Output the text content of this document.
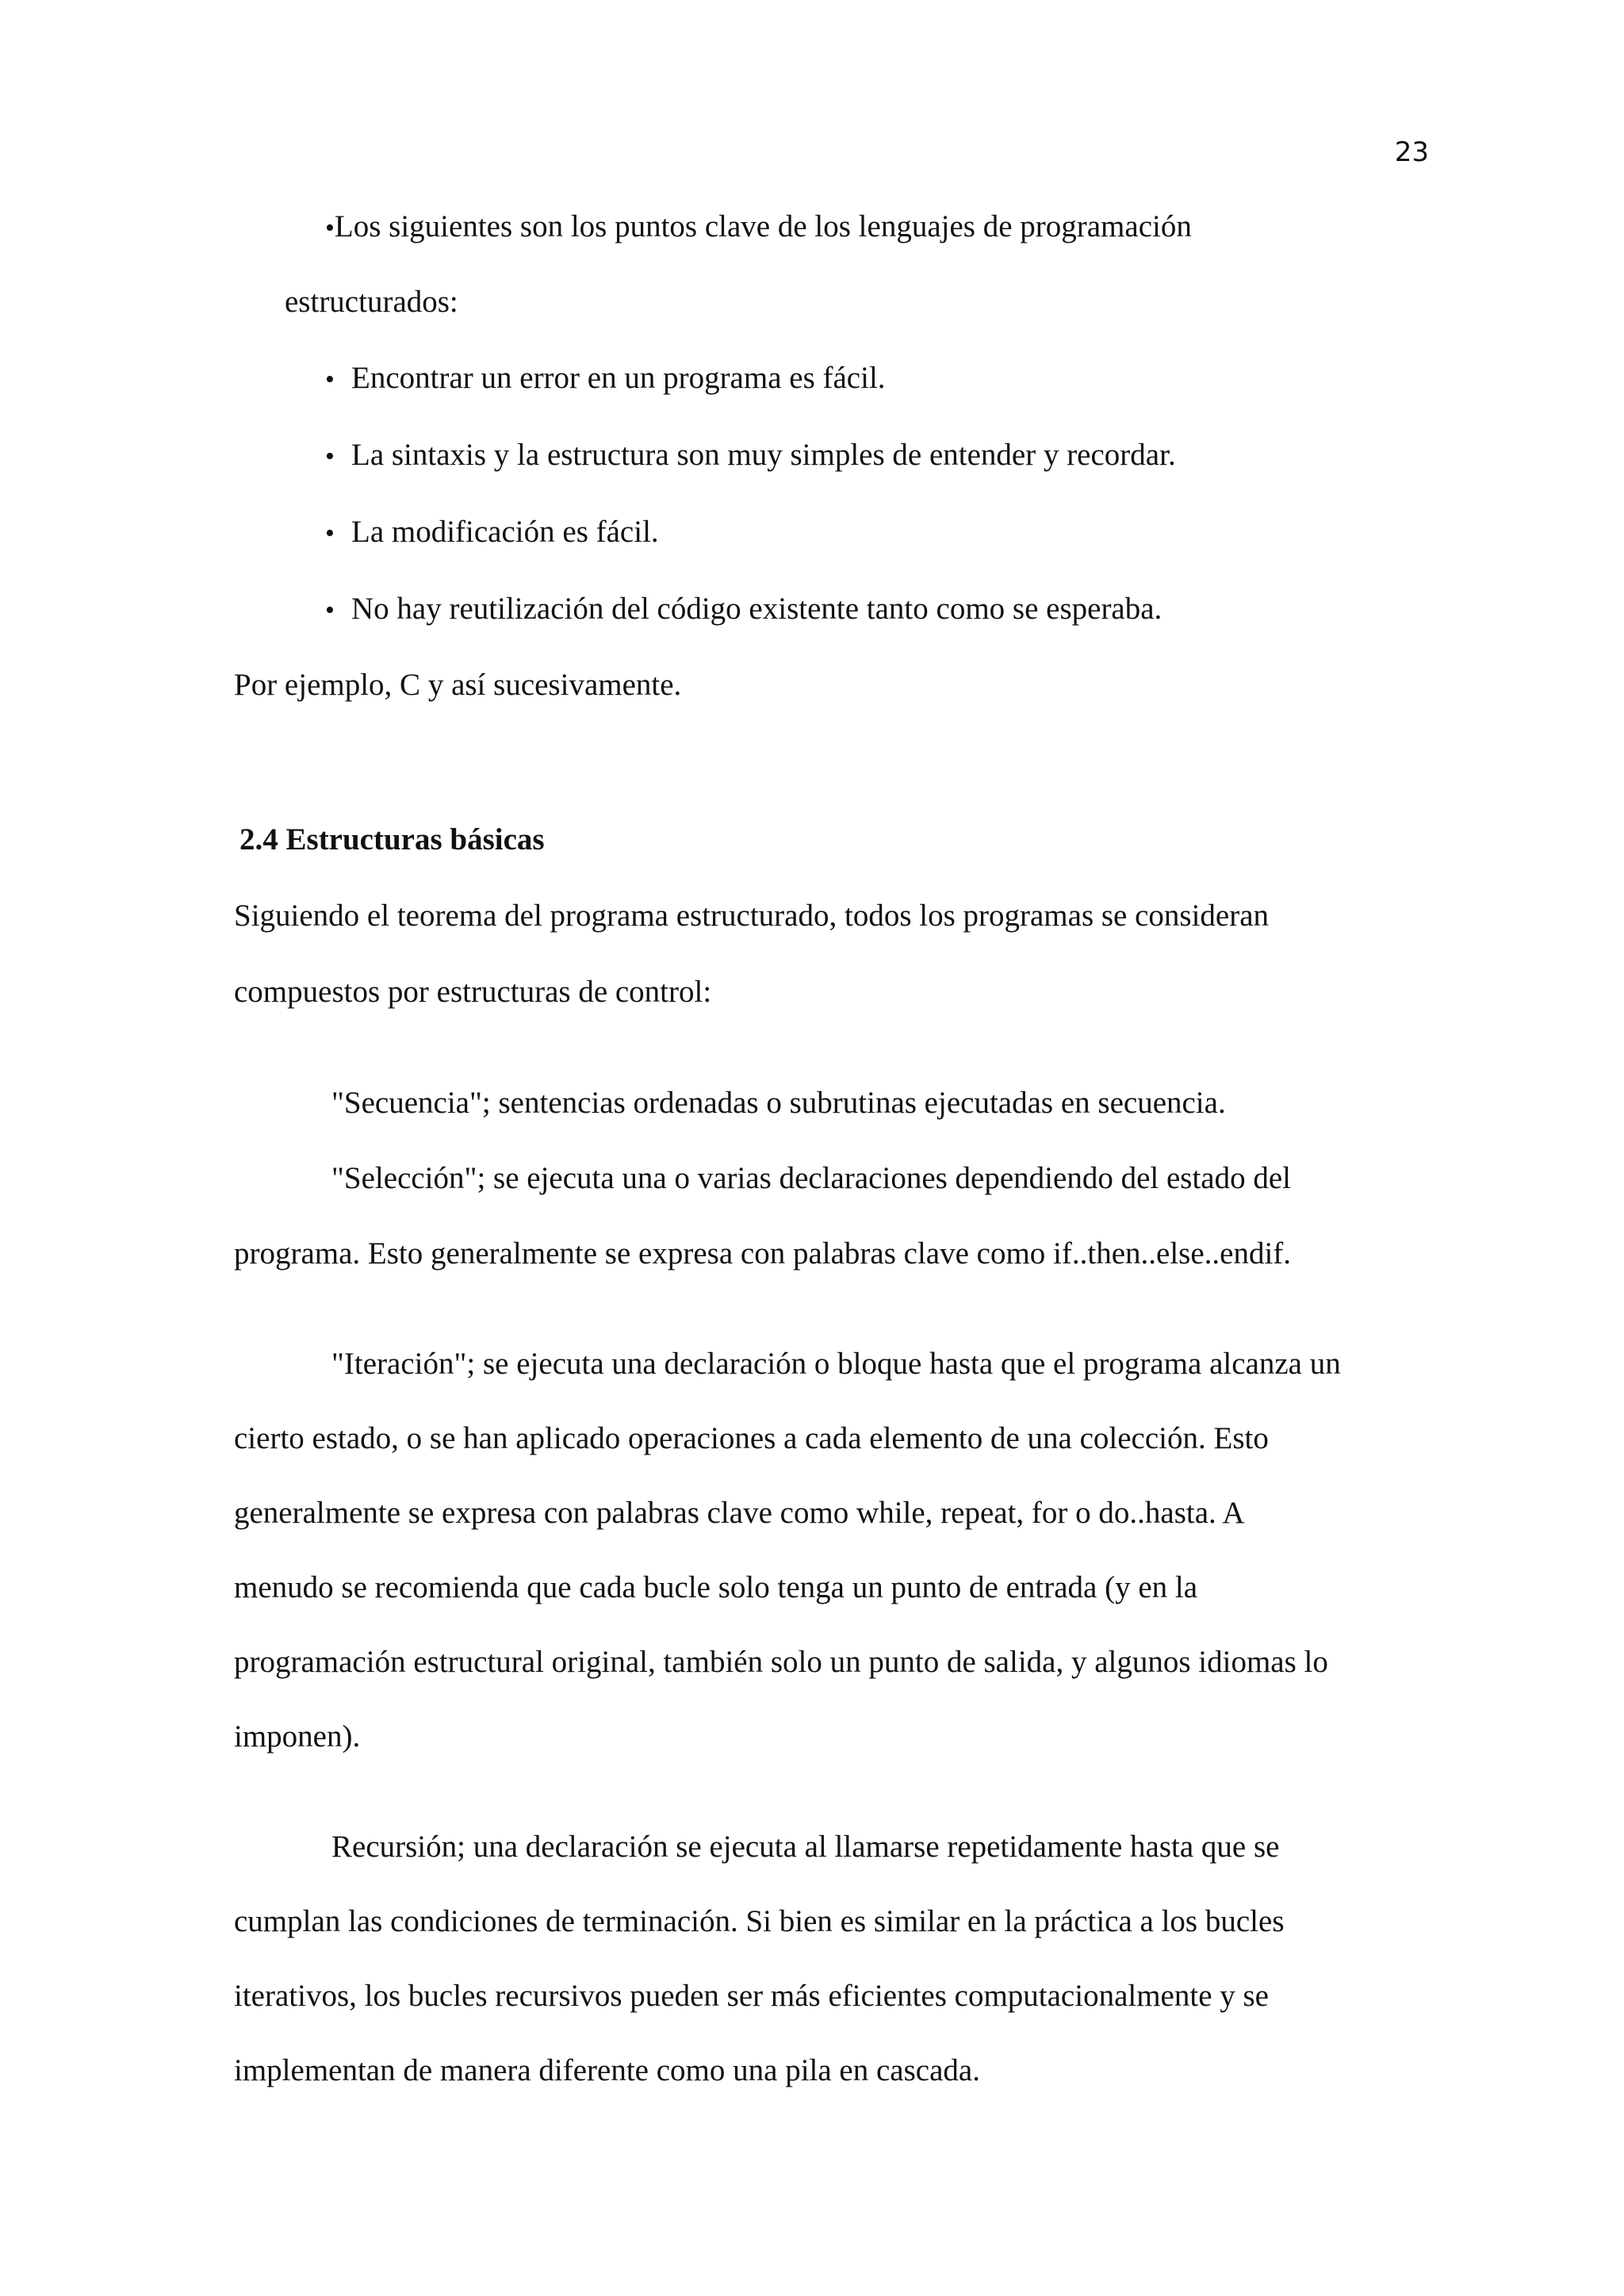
23
•Los siguientes son los puntos clave de los lenguajes de programación
estructurados:
• Encontrar un error en un programa es fácil.
• La sintaxis y la estructura son muy simples de entender y recordar.
• La modificación es fácil.
• No hay reutilización del código existente tanto como se esperaba.
Por ejemplo, C y así sucesivamente.
2.4 Estructuras básicas
Siguiendo el teorema del programa estructurado, todos los programas se consideran
compuestos por estructuras de control:
"Secuencia"; sentencias ordenadas o subrutinas ejecutadas en secuencia.
"Selección"; se ejecuta una o varias declaraciones dependiendo del estado del
programa. Esto generalmente se expresa con palabras clave como if..then..else..endif.
"Iteración"; se ejecuta una declaración o bloque hasta que el programa alcanza un
cierto estado, o se han aplicado operaciones a cada elemento de una colección. Esto
generalmente se expresa con palabras clave como while, repeat, for o do..hasta. A
menudo se recomienda que cada bucle solo tenga un punto de entrada (y en la
programación estructural original, también solo un punto de salida, y algunos idiomas lo
imponen).
Recursión; una declaración se ejecuta al llamarse repetidamente hasta que se
cumplan las condiciones de terminación. Si bien es similar en la práctica a los bucles
iterativos, los bucles recursivos pueden ser más eficientes computacionalmente y se
implementan de manera diferente como una pila en cascada.
